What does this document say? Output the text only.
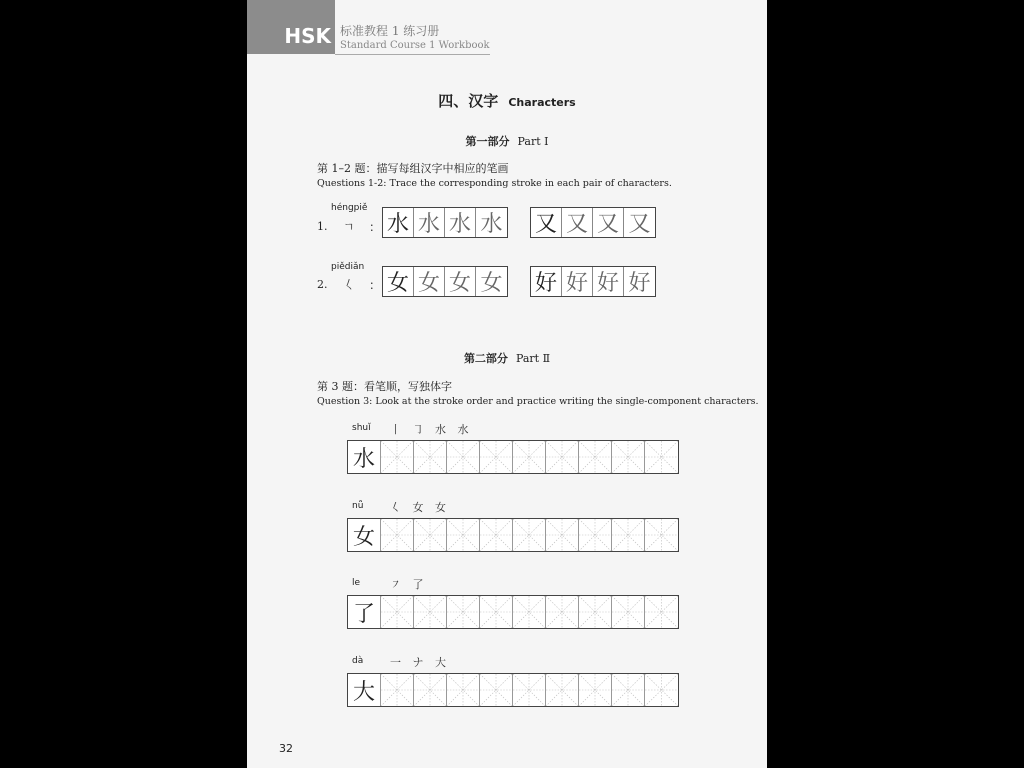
HSK 标准教程 1 练习册
Standard Course 1 Workbook
四、汉字 Characters
第一部分 Part Ⅰ
第 1–2 题：描写每组汉字中相应的笔画
Questions 1-2: Trace the corresponding stroke in each pair of characters.
héngpiě
1. ㄱ ： 水 水 水 水 又 又 又 又
piědiǎn
2. 𡿨 ： 女 女 女 女 好 好 好 好
第二部分 Part Ⅱ
第 3 题：看笔顺，写独体字
Question 3: Look at the stroke order and practice writing the single-component characters.
shuǐ 丨 ㇆ 水 水
水
nǚ 𡿨 女 女
女
le	㇇ 了
了
dà 一 ナ 大
大
32
